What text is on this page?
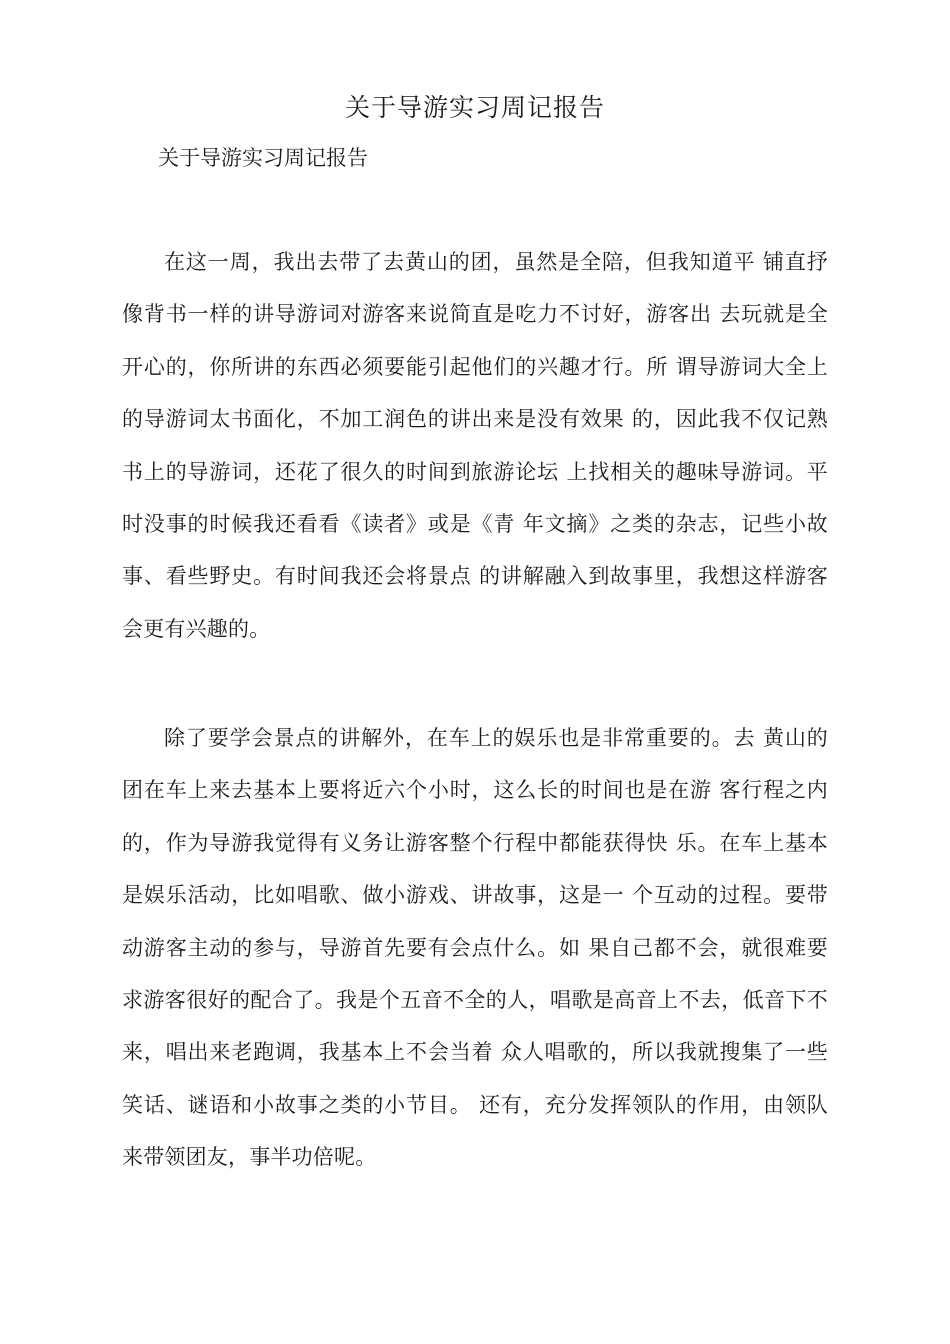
关于导游实习周记报告

关于导游实习周记报告

在这一周，我出去带了去黄山的团，虽然是全陪，但我知道平 铺直抒像背书一样的讲导游词对游客来说简直是吃力不讨好，游客出 去玩就是全开心的，你所讲的东西必须要能引起他们的兴趣才行。所 谓导游词大全上的导游词太书面化，不加工润色的讲出来是没有效果 的，因此我不仅记熟书上的导游词，还花了很久的时间到旅游论坛 上找相关的趣味导游词。平时没事的时候我还看看《读者》或是《青 年文摘》之类的杂志，记些小故事、看些野史。有时间我还会将景点 的讲解融入到故事里，我想这样游客会更有兴趣的。

除了要学会景点的讲解外，在车上的娱乐也是非常重要的。去 黄山的团在车上来去基本上要将近六个小时，这么长的时间也是在游 客行程之内的，作为导游我觉得有义务让游客整个行程中都能获得快 乐。在车上基本是娱乐活动，比如唱歌、做小游戏、讲故事，这是一 个互动的过程。要带动游客主动的参与，导游首先要有会点什么。如 果自己都不会，就很难要求游客很好的配合了。我是个五音不全的人，唱歌是高音上不去，低音下不来，唱出来老跑调，我基本上不会当着 众人唱歌的，所以我就搜集了一些笑话、谜语和小故事之类的小节目。 还有，充分发挥领队的作用，由领队来带领团友，事半功倍呢。
